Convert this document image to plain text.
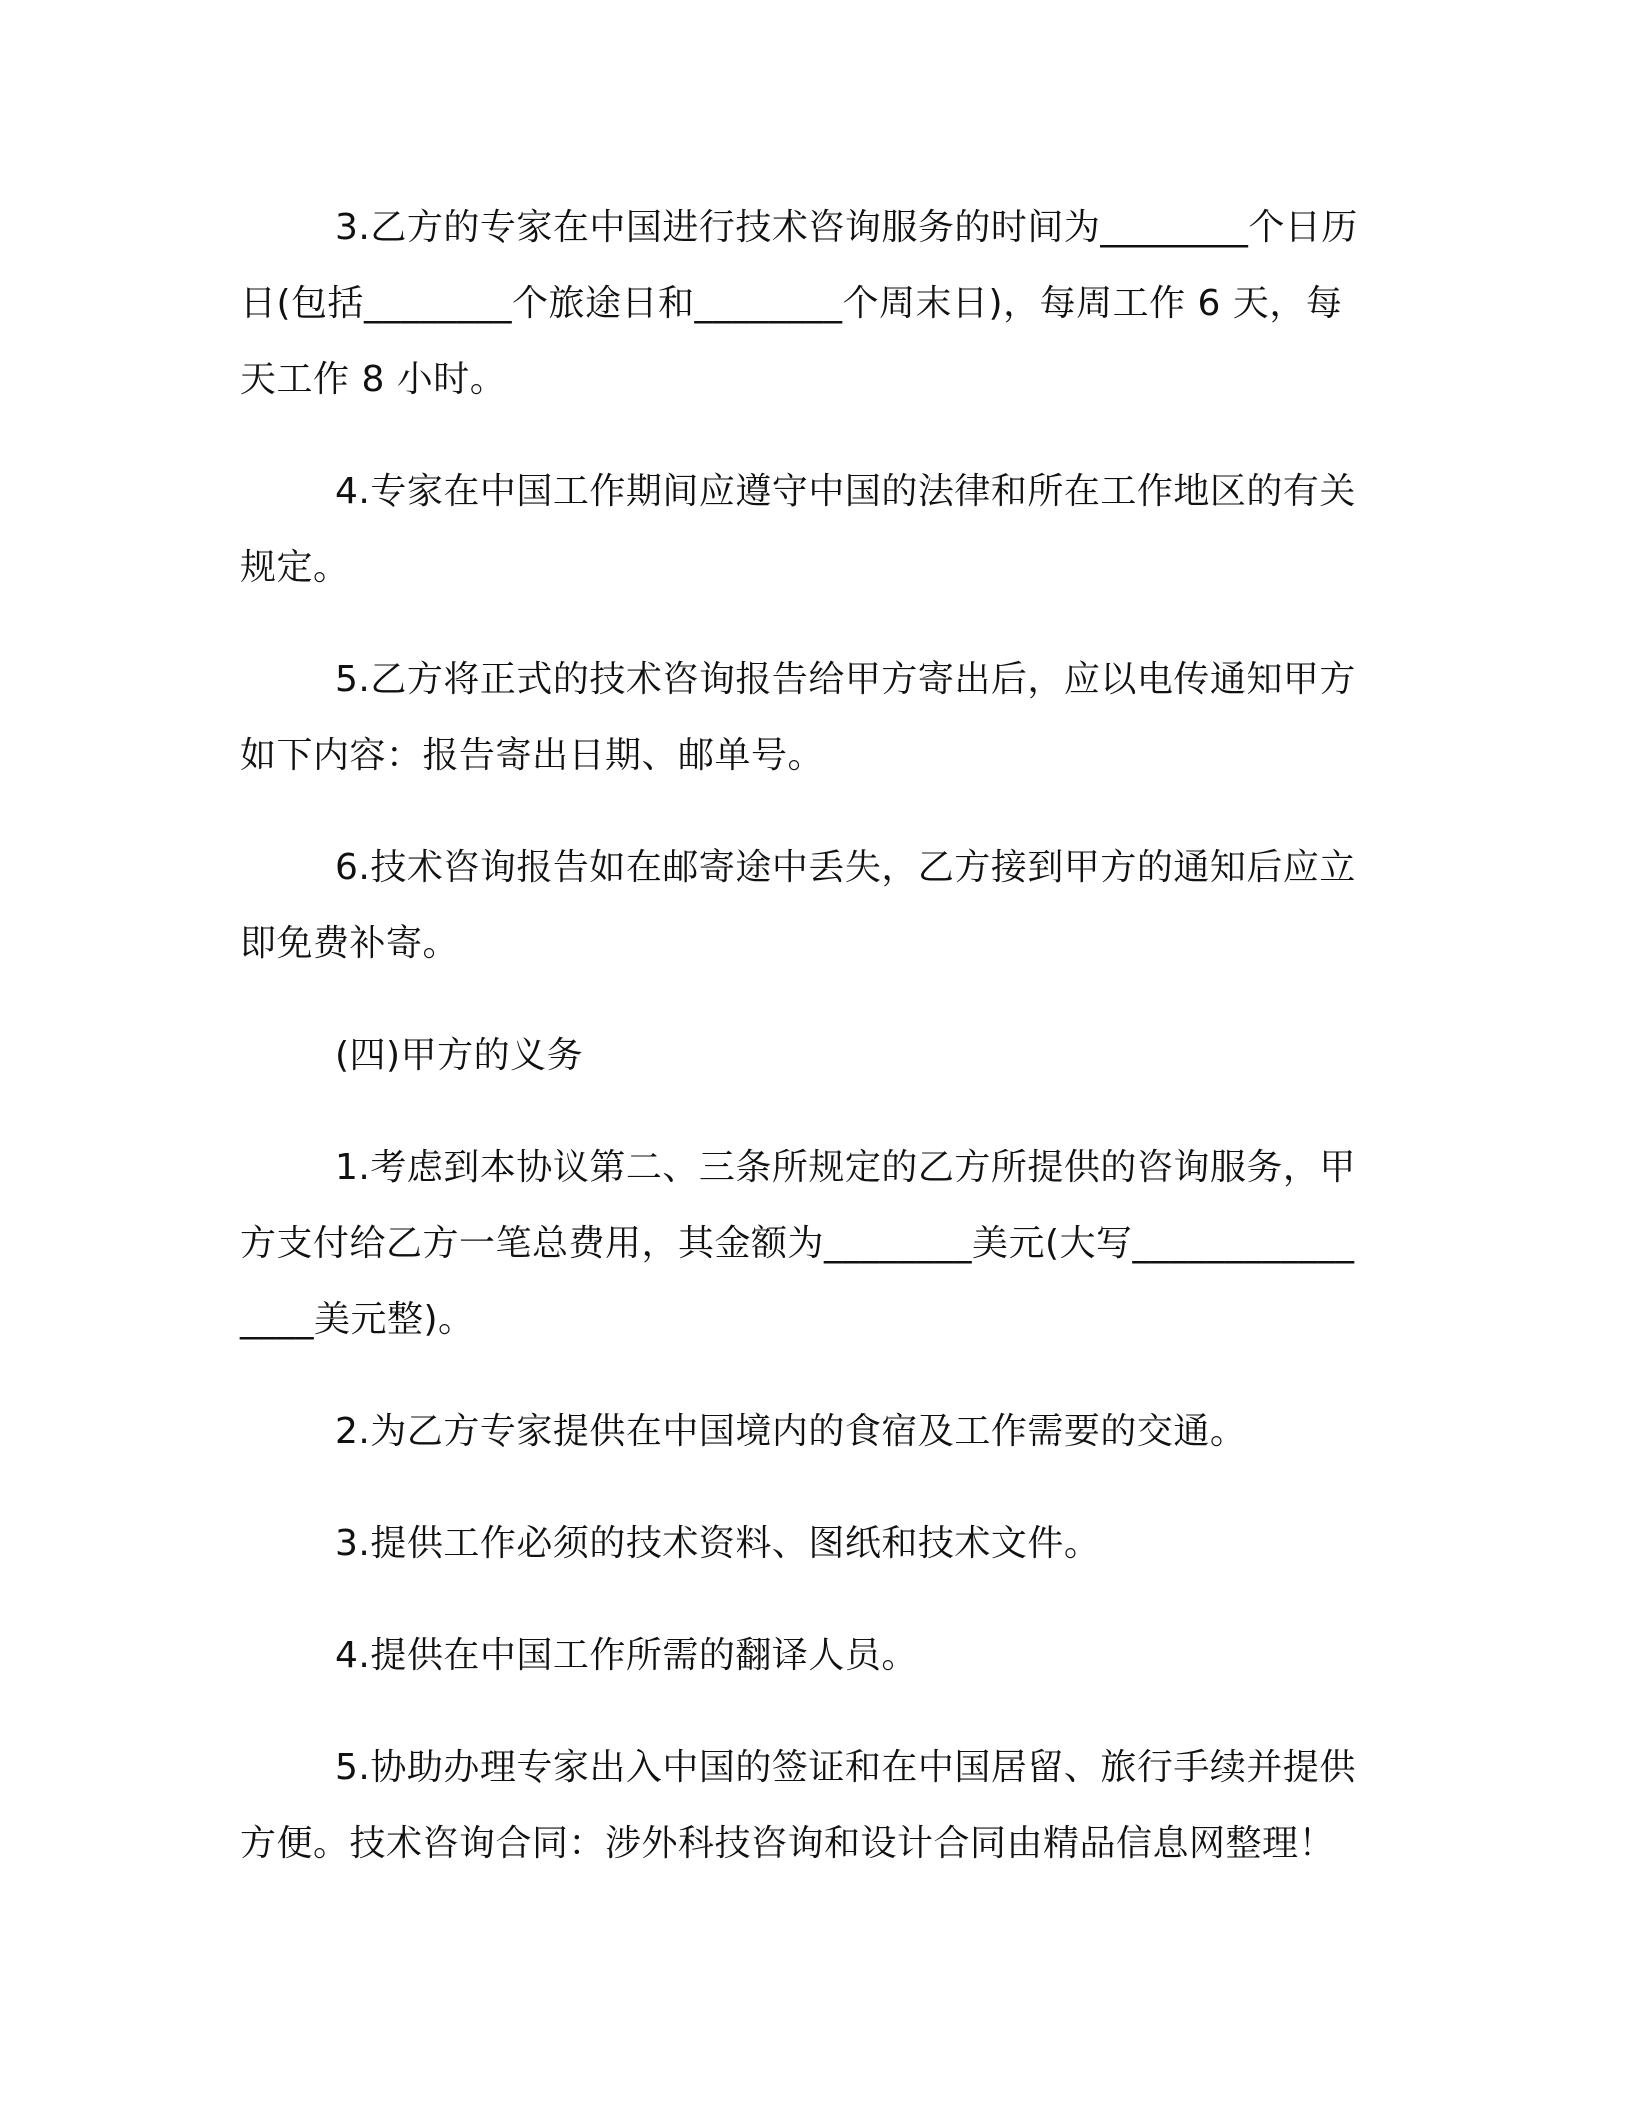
3.乙方的专家在中国进行技术咨询服务的时间为________个日历日(包括________个旅途日和________个周末日)，每周工作 6 天，每天工作 8 小时。

4.专家在中国工作期间应遵守中国的法律和所在工作地区的有关规定。

5.乙方将正式的技术咨询报告给甲方寄出后，应以电传通知甲方如下内容：报告寄出日期、邮单号。

6.技术咨询报告如在邮寄途中丢失，乙方接到甲方的通知后应立即免费补寄。

(四)甲方的义务

1.考虑到本协议第二、三条所规定的乙方所提供的咨询服务，甲方支付给乙方一笔总费用，其金额为________美元(大写________________美元整)。

2.为乙方专家提供在中国境内的食宿及工作需要的交通。

3.提供工作必须的技术资料、图纸和技术文件。

4.提供在中国工作所需的翻译人员。

5.协助办理专家出入中国的签证和在中国居留、旅行手续并提供方便。技术咨询合同：涉外科技咨询和设计合同由精品信息网整理！
